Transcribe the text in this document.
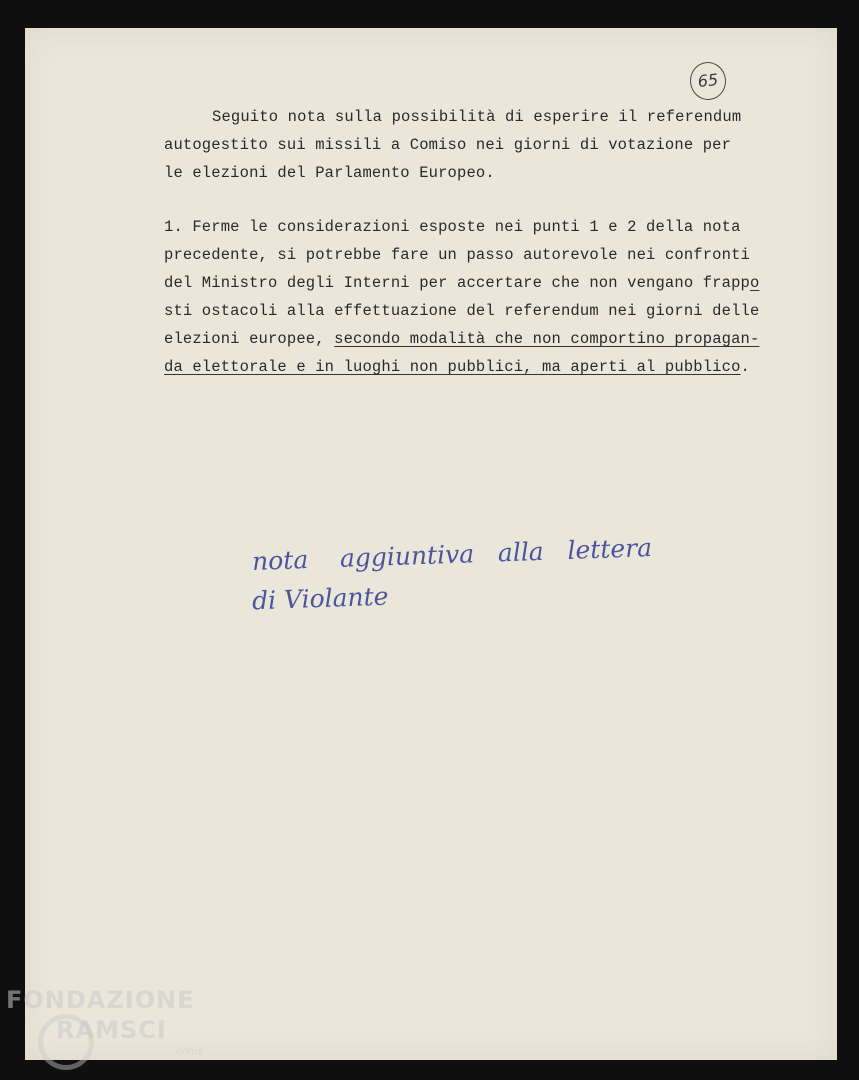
65
Seguito nota sulla possibilità di esperire il referendum
autogestito sui missili a Comiso nei giorni di votazione per
le elezioni del Parlamento Europeo.
1. Ferme le considerazioni esposte nei punti 1 e 2 della nota
precedente, si potrebbe fare un passo autorevole nei confronti
del Ministro degli Interni per accertare che non vengano frappo
sti ostacoli alla effettuazione del referendum nei giorni delle
elezioni europee, secondo modalità che non comportino propagan-
da elettorale e in luoghi non pubblici, ma aperti al pubblico.
nota    aggiuntiva   alla   lettera
di Violante
FONDAZIONE
RAMSCI
onlus
